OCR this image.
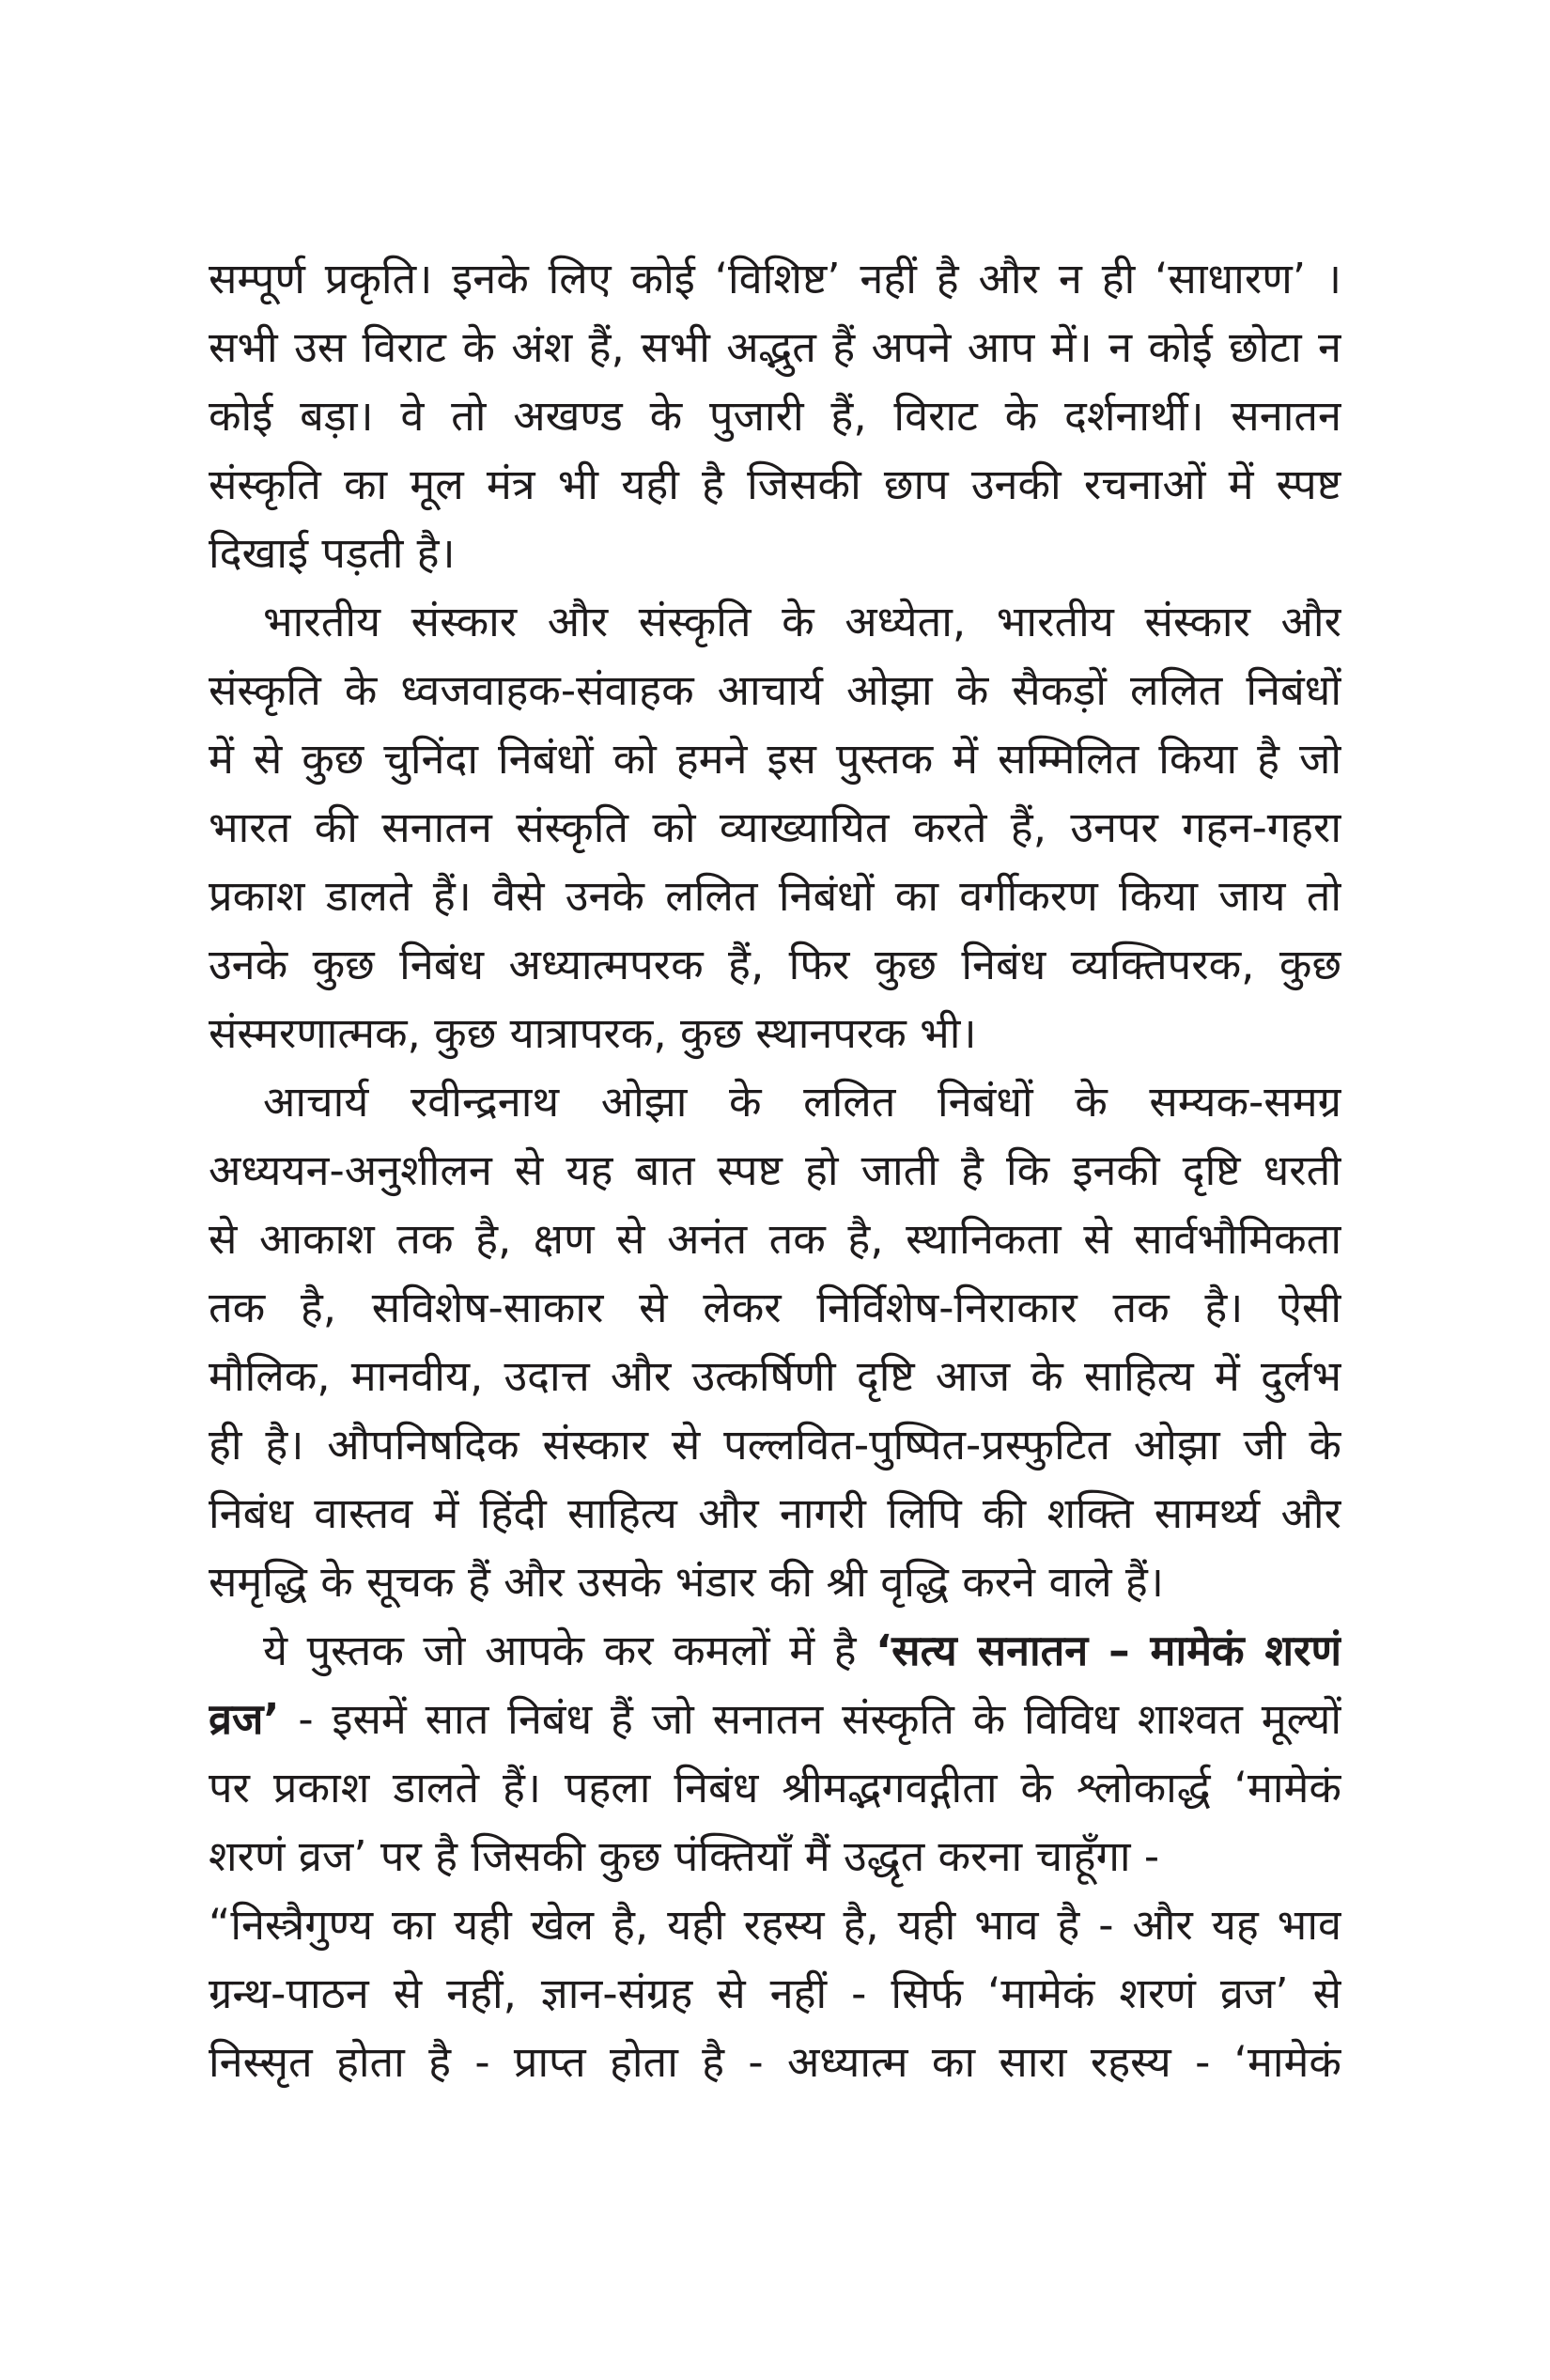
सम्पूर्ण प्रकृति। इनके लिए कोई ‘विशिष्ट’ नहीं है और न ही ‘साधारण’ ।
सभी उस विराट के अंश हैं, सभी अद्भुत हैं अपने आप में। न कोई छोटा न
कोई बड़ा। वे तो अखण्ड के पुजारी हैं, विराट के दर्शनार्थी। सनातन
संस्कृति का मूल मंत्र भी यही है जिसकी छाप उनकी रचनाओं में स्पष्ट
दिखाई पड़ती है।
भारतीय संस्कार और संस्कृति के अध्येता, भारतीय संस्कार और
संस्कृति के ध्वजवाहक-संवाहक आचार्य ओझा के सैकड़ों ललित निबंधों
में से कुछ चुनिंदा निबंधों को हमने इस पुस्तक में सम्मिलित किया है जो
भारत की सनातन संस्कृति को व्याख्यायित करते हैं, उनपर गहन-गहरा
प्रकाश डालते हैं। वैसे उनके ललित निबंधों का वर्गीकरण किया जाय तो
उनके कुछ निबंध अध्यात्मपरक हैं, फिर कुछ निबंध व्यक्तिपरक, कुछ
संस्मरणात्मक, कुछ यात्रापरक, कुछ स्थानपरक भी।
आचार्य रवीन्द्रनाथ ओझा के ललित निबंधों के सम्यक-समग्र
अध्ययन-अनुशीलन से यह बात स्पष्ट हो जाती है कि इनकी दृष्टि धरती
से आकाश तक है, क्षण से अनंत तक है, स्थानिकता से सार्वभौमिकता
तक है, सविशेष-साकार से लेकर निर्विशेष-निराकार तक है। ऐसी
मौलिक, मानवीय, उदात्त और उत्कर्षिणी दृष्टि आज के साहित्य में दुर्लभ
ही है। औपनिषदिक संस्कार से पल्लवित-पुष्पित-प्रस्फुटित ओझा जी के
निबंध वास्तव में हिंदी साहित्य और नागरी लिपि की शक्ति सामर्थ्य और
समृद्धि के सूचक हैं और उसके भंडार की श्री वृद्धि करने वाले हैं।
ये पुस्तक जो आपके कर कमलों में है ‘सत्य सनातन – मामेकं शरणं
व्रज’ - इसमें सात निबंध हैं जो सनातन संस्कृति के विविध शाश्वत मूल्यों
पर प्रकाश डालते हैं। पहला निबंध श्रीमद्भगवद्गीता के श्लोकार्द्ध ‘मामेकं
शरणं व्रज’ पर है जिसकी कुछ पंक्तियाँ मैं उद्धृत करना चाहूँगा -
“निस्त्रैगुण्य का यही खेल है, यही रहस्य है, यही भाव है - और यह भाव
ग्रन्थ-पाठन से नहीं, ज्ञान-संग्रह से नहीं - सिर्फ ‘मामेकं शरणं व्रज’ से
निस्सृत होता है - प्राप्त होता है - अध्यात्म का सारा रहस्य - ‘मामेकं
